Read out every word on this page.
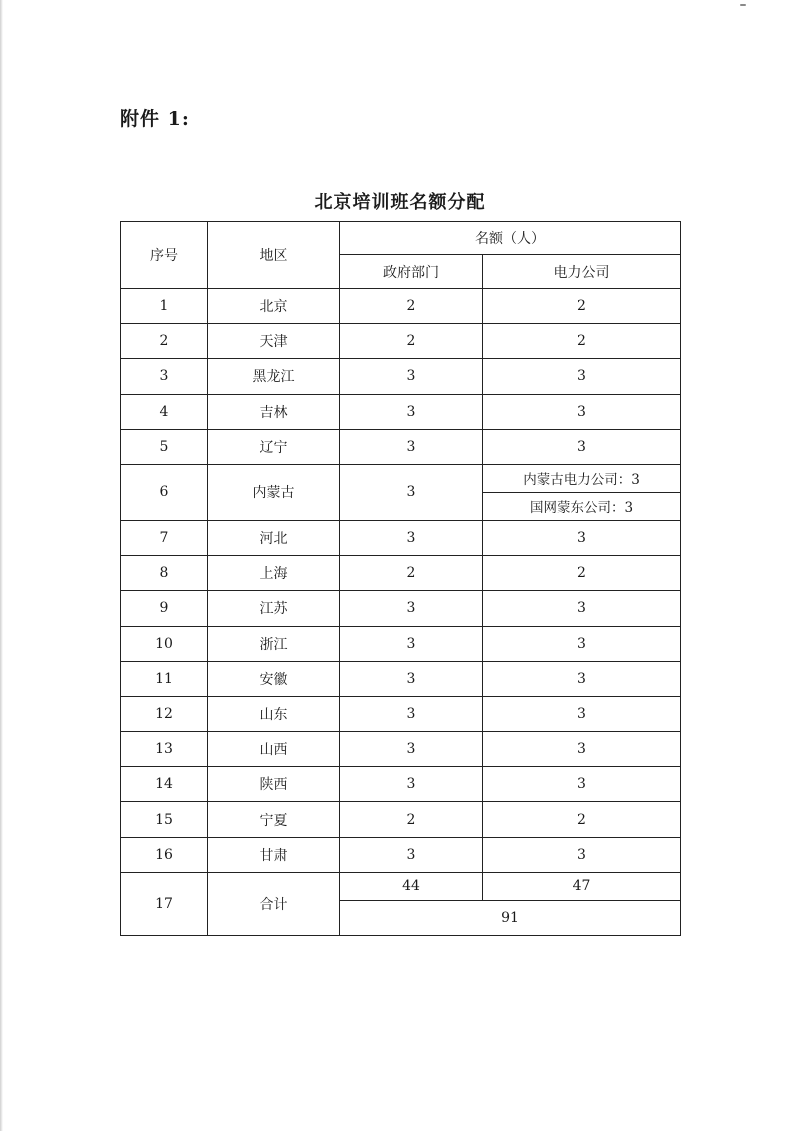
附件 1:
北京培训班名额分配
序号	地区	名额（人）	
		政府部门	电力公司
1	北京	2	2
2	天津	2	2
3	黑龙江	3	3
4	吉林	3	3
5	辽宁	3	3
6	内蒙古	3	内蒙古电力公司：3
			国网蒙东公司：3
7	河北	3	3
8	上海	2	2
9	江苏	3	3
10	浙江	3	3
11	安徽	3	3
12	山东	3	3
13	山西	3	3
14	陕西	3	3
15	宁夏	2	2
16	甘肃	3	3
17	合计	44	47
		91	
